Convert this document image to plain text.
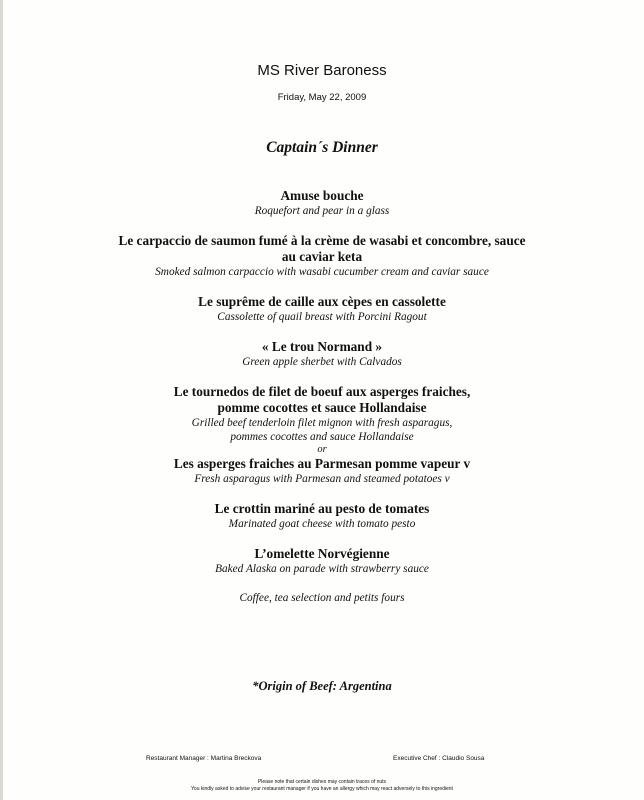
MS River Baroness
Friday, May 22, 2009
Captain´s Dinner
Amuse bouche
Roquefort and pear in a glass
Le carpaccio de saumon fumé à la crème de wasabi et concombre, sauce
au caviar keta
Smoked salmon carpaccio with wasabi cucumber cream and caviar sauce
Le suprême de caille aux cèpes en cassolette
Cassolette of quail breast with Porcini Ragout
« Le trou Normand »
Green apple sherbet with Calvados
Le tournedos de filet de boeuf aux asperges fraiches,
pomme cocottes et sauce Hollandaise
Grilled beef tenderloin filet mignon with fresh asparagus,
pommes cocottes and sauce Hollandaise
or
Les asperges fraiches au Parmesan pomme vapeur v
Fresh asparagus with Parmesan and steamed potatoes v
Le crottin mariné au pesto de tomates
Marinated goat cheese with tomato pesto
L’omelette Norvégienne
Baked Alaska on parade with strawberry sauce
Coffee, tea selection and petits fours
*Origin of Beef: Argentina
Restaurant Manager : Martina Breckova	Executive Chef : Claudio Sousa
Please note that certain dishes may contain traces of nuts
You kindly asked to advise your restaurant manager if you have an allergy which may react adversely to this ingredient
